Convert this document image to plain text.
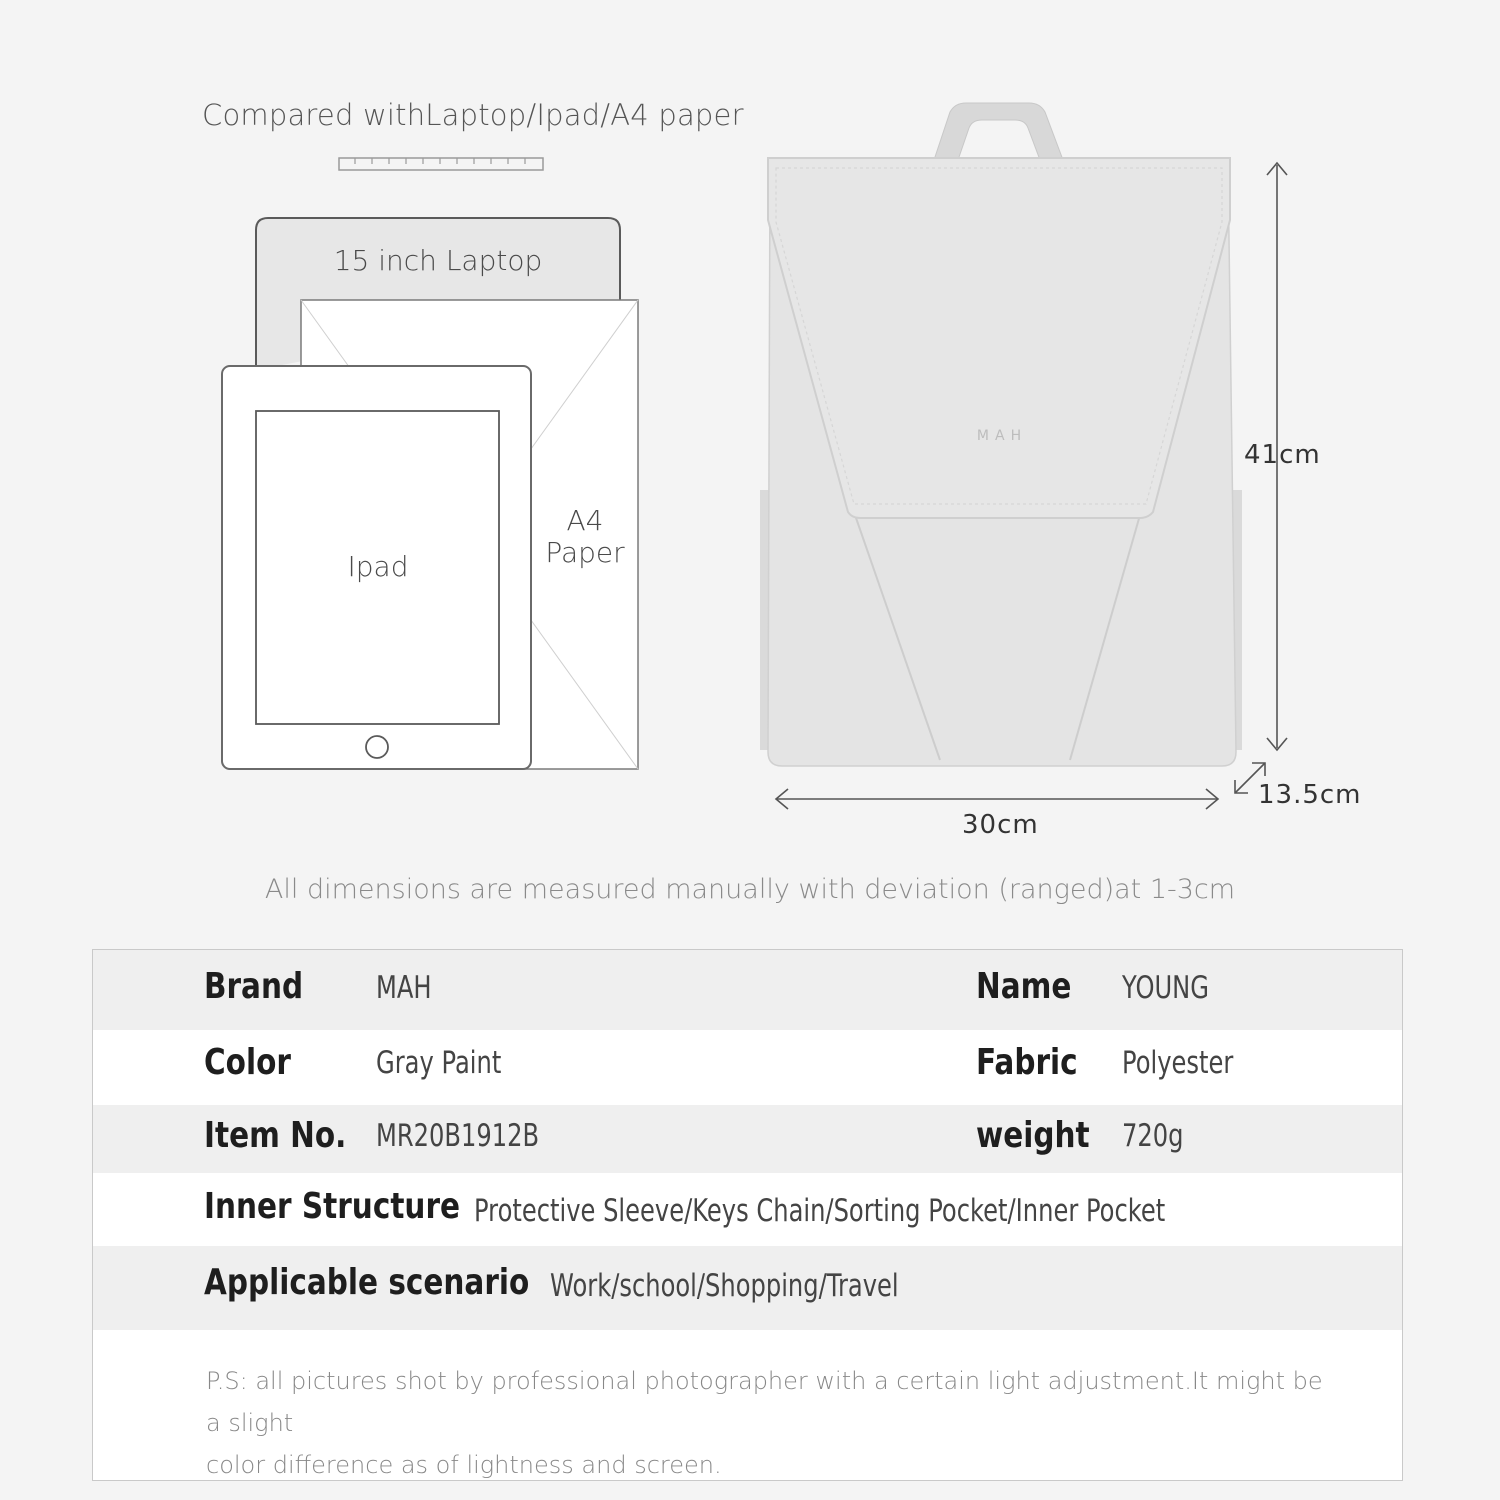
MAH
Compared withLaptop/Ipad/A4 paper
15 inch Laptop
Ipad
A4
Paper
41cm
30cm
13.5cm
All dimensions are measured manually with deviation (ranged)at 1-3cm
Brand MAH	Name YOUNG
Color	Gray Paint	Fabric Polyester
Item No. MR20B1912B	weight 720g
Inner Structure Protective Sleeve/Keys Chain/Sorting Pocket/Inner Pocket
Applicable scenario Work/school/Shopping/Travel
P.S: all pictures shot by professional photographer with a certain light adjustment.It might be a slight
color difference as of lightness and screen.
